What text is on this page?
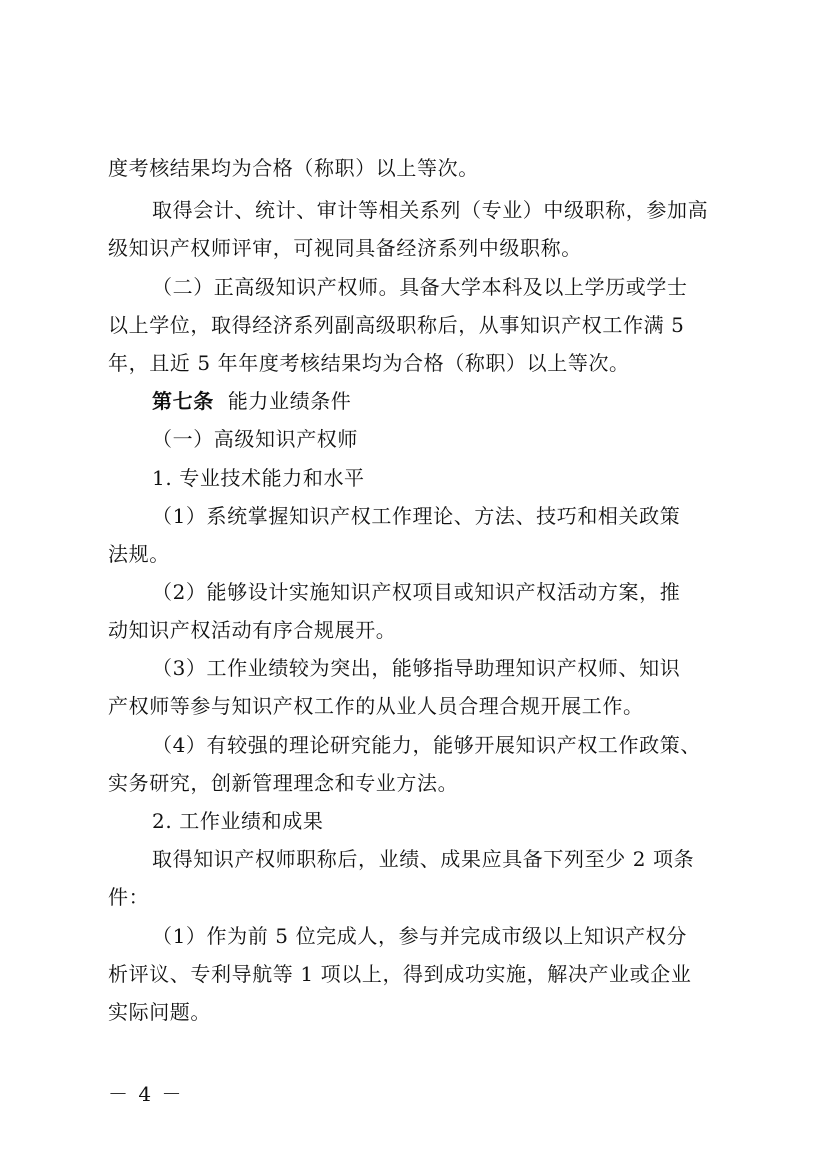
度考核结果均为合格（称职）以上等次。
取得会计、统计、审计等相关系列（专业）中级职称，参加高
级知识产权师评审，可视同具备经济系列中级职称。
（二）正高级知识产权师。具备大学本科及以上学历或学士
以上学位，取得经济系列副高级职称后，从事知识产权工作满 5
年，且近 5 年年度考核结果均为合格（称职）以上等次。
第七条 能力业绩条件
（一）高级知识产权师
1. 专业技术能力和水平
（1）系统掌握知识产权工作理论、方法、技巧和相关政策
法规。
（2）能够设计实施知识产权项目或知识产权活动方案，推
动知识产权活动有序合规展开。
（3）工作业绩较为突出，能够指导助理知识产权师、知识
产权师等参与知识产权工作的从业人员合理合规开展工作。
（4）有较强的理论研究能力，能够开展知识产权工作政策、
实务研究，创新管理理念和专业方法。
2. 工作业绩和成果
取得知识产权师职称后，业绩、成果应具备下列至少 2 项条
件：
（1）作为前 5 位完成人，参与并完成市级以上知识产权分
析评议、专利导航等 1 项以上，得到成功实施，解决产业或企业
实际问题。
－ 4 －
